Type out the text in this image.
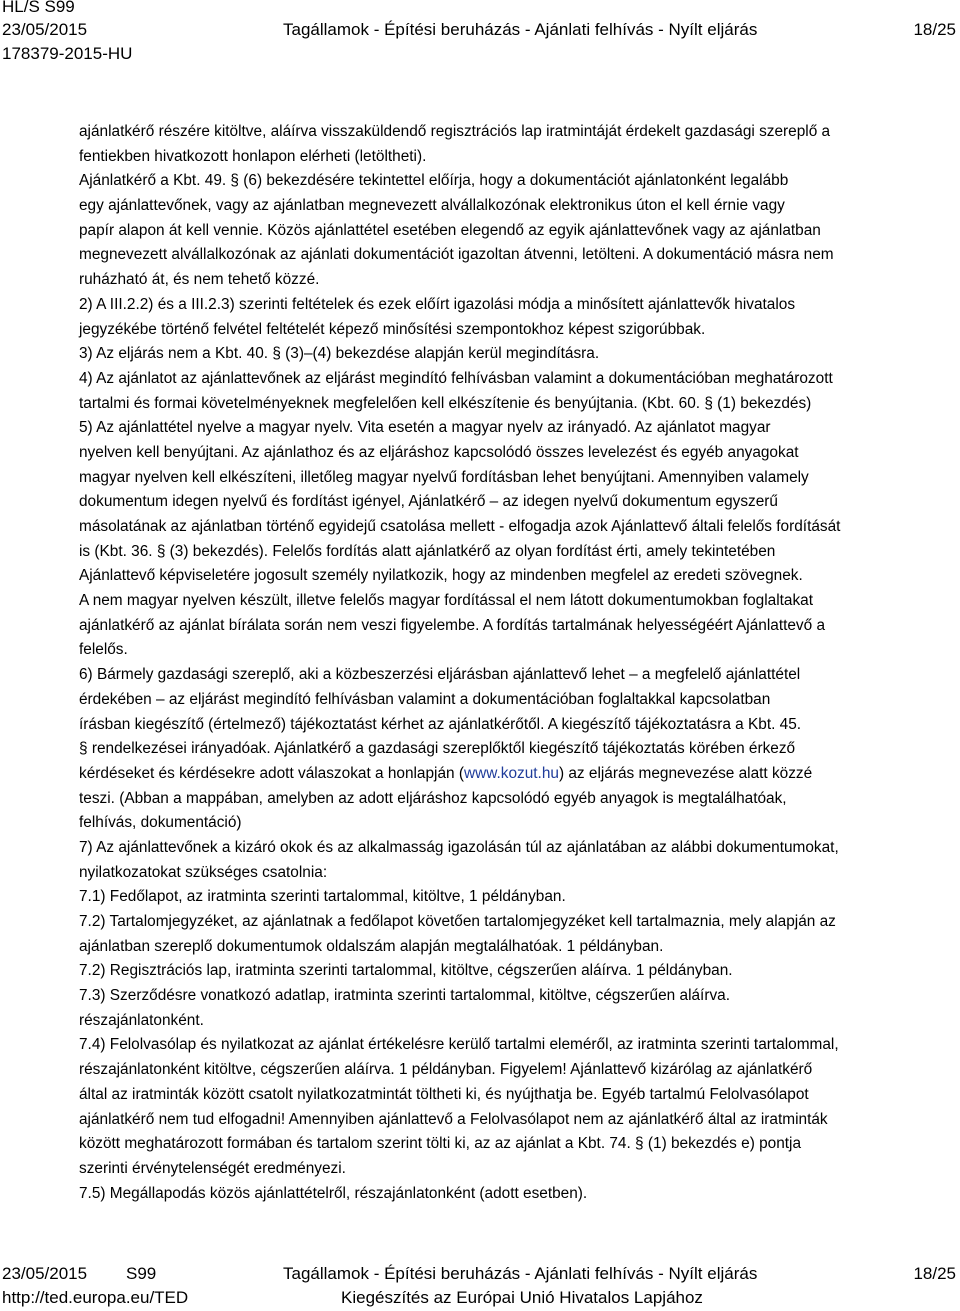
HL/S S99
23/05/2015
178379-2015-HU
Tagállamok - Építési beruházás - Ajánlati felhívás - Nyílt eljárás	18/25
ajánlatkérő részére kitöltve, aláírva visszaküldendő regisztrációs lap iratmintáját érdekelt gazdasági szereplő a
fentiekben hivatkozott honlapon elérheti (letöltheti).
Ajánlatkérő a Kbt. 49. § (6) bekezdésére tekintettel előírja, hogy a dokumentációt ajánlatonként legalább
egy ajánlattevőnek, vagy az ajánlatban megnevezett alvállalkozónak elektronikus úton el kell érnie vagy
papír alapon át kell vennie. Közös ajánlattétel esetében elegendő az egyik ajánlattevőnek vagy az ajánlatban
megnevezett alvállalkozónak az ajánlati dokumentációt igazoltan átvenni, letölteni. A dokumentáció másra nem
ruházható át, és nem tehető közzé.
2) A III.2.2) és a III.2.3) szerinti feltételek és ezek előírt igazolási módja a minősített ajánlattevők hivatalos
jegyzékébe történő felvétel feltételét képező minősítési szempontokhoz képest szigorúbbak.
3) Az eljárás nem a Kbt. 40. § (3)–(4) bekezdése alapján kerül megindításra.
4) Az ajánlatot az ajánlattevőnek az eljárást megindító felhívásban valamint a dokumentációban meghatározott
tartalmi és formai követelményeknek megfelelően kell elkészítenie és benyújtania. (Kbt. 60. § (1) bekezdés)
5) Az ajánlattétel nyelve a magyar nyelv. Vita esetén a magyar nyelv az irányadó. Az ajánlatot magyar
nyelven kell benyújtani. Az ajánlathoz és az eljáráshoz kapcsolódó összes levelezést és egyéb anyagokat
magyar nyelven kell elkészíteni, illetőleg magyar nyelvű fordításban lehet benyújtani. Amennyiben valamely
dokumentum idegen nyelvű és fordítást igényel, Ajánlatkérő – az idegen nyelvű dokumentum egyszerű
másolatának az ajánlatban történő egyidejű csatolása mellett - elfogadja azok Ajánlattevő általi felelős fordítását
is (Kbt. 36. § (3) bekezdés). Felelős fordítás alatt ajánlatkérő az olyan fordítást érti, amely tekintetében
Ajánlattevő képviseletére jogosult személy nyilatkozik, hogy az mindenben megfelel az eredeti szövegnek.
A nem magyar nyelven készült, illetve felelős magyar fordítással el nem látott dokumentumokban foglaltakat
ajánlatkérő az ajánlat bírálata során nem veszi figyelembe. A fordítás tartalmának helyességéért Ajánlattevő a
felelős.
6) Bármely gazdasági szereplő, aki a közbeszerzési eljárásban ajánlattevő lehet – a megfelelő ajánlattétel
érdekében – az eljárást megindító felhívásban valamint a dokumentációban foglaltakkal kapcsolatban
írásban kiegészítő (értelmező) tájékoztatást kérhet az ajánlatkérőtől. A kiegészítő tájékoztatásra a Kbt. 45.
§ rendelkezései irányadóak. Ajánlatkérő a gazdasági szereplőktől kiegészítő tájékoztatás körében érkező
kérdéseket és kérdésekre adott válaszokat a honlapján (www.kozut.hu) az eljárás megnevezése alatt közzé
teszi. (Abban a mappában, amelyben az adott eljáráshoz kapcsolódó egyéb anyagok is megtalálhatóak,
felhívás, dokumentáció)
7) Az ajánlattevőnek a kizáró okok és az alkalmasság igazolásán túl az ajánlatában az alábbi dokumentumokat,
nyilatkozatokat szükséges csatolnia:
7.1) Fedőlapot, az iratminta szerinti tartalommal, kitöltve, 1 példányban.
7.2) Tartalomjegyzéket, az ajánlatnak a fedőlapot követően tartalomjegyzéket kell tartalmaznia, mely alapján az
ajánlatban szereplő dokumentumok oldalszám alapján megtalálhatóak. 1 példányban.
7.2) Regisztrációs lap, iratminta szerinti tartalommal, kitöltve, cégszerűen aláírva. 1 példányban.
7.3) Szerződésre vonatkozó adatlap, iratminta szerinti tartalommal, kitöltve, cégszerűen aláírva.
részajánlatonként.
7.4) Felolvasólap és nyilatkozat az ajánlat értékelésre kerülő tartalmi eleméről, az iratminta szerinti tartalommal,
részajánlatonként kitöltve, cégszerűen aláírva. 1 példányban. Figyelem! Ajánlattevő kizárólag az ajánlatkérő
által az iratminták között csatolt nyilatkozatmintát töltheti ki, és nyújthatja be. Egyéb tartalmú Felolvasólapot
ajánlatkérő nem tud elfogadni! Amennyiben ajánlattevő a Felolvasólapot nem az ajánlatkérő által az iratminták
között meghatározott formában és tartalom szerint tölti ki, az az ajánlat a Kbt. 74. § (1) bekezdés e) pontja
szerinti érvénytelenségét eredményezi.
7.5) Megállapodás közös ajánlattételről, részajánlatonként (adott esetben).
23/05/2015 S99	Tagállamok - Építési beruházás - Ajánlati felhívás - Nyílt eljárás	18/25
http://ted.europa.eu/TED	Kiegészítés az Európai Unió Hivatalos Lapjához
